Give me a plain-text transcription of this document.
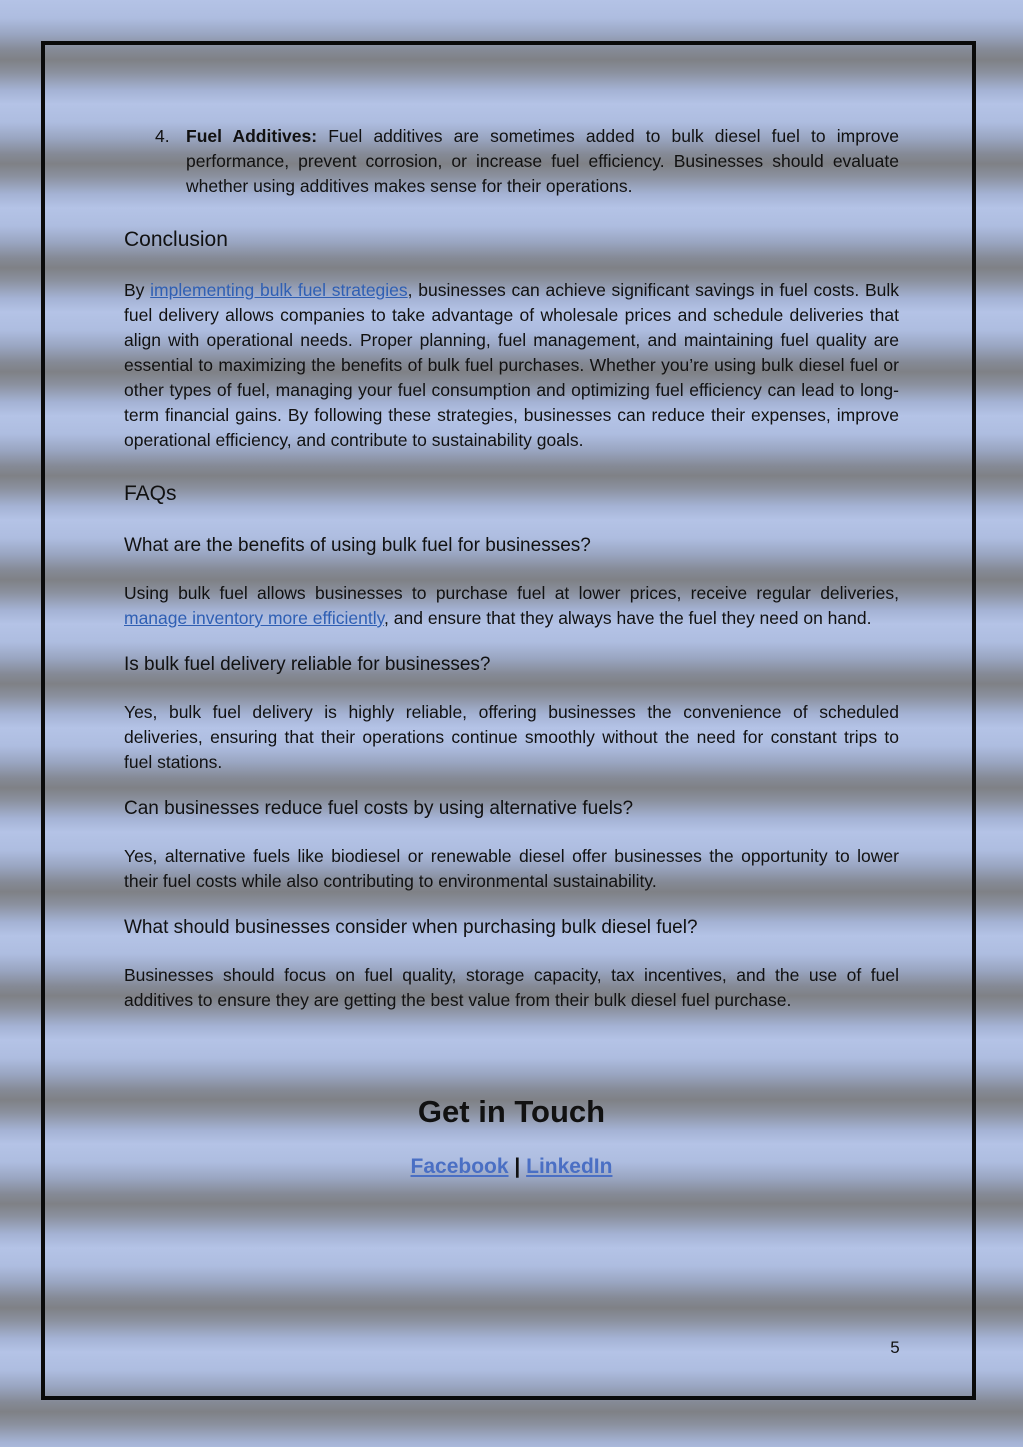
4. Fuel Additives: Fuel additives are sometimes added to bulk diesel fuel to improve performance, prevent corrosion, or increase fuel efficiency. Businesses should evaluate whether using additives makes sense for their operations.
Conclusion

By implementing bulk fuel strategies, businesses can achieve significant savings in fuel costs. Bulk fuel delivery allows companies to take advantage of wholesale prices and schedule deliveries that align with operational needs. Proper planning, fuel management, and maintaining fuel quality are essential to maximizing the benefits of bulk fuel purchases. Whether you’re using bulk diesel fuel or other types of fuel, managing your fuel consumption and optimizing fuel efficiency can lead to long-term financial gains. By following these strategies, businesses can reduce their expenses, improve operational efficiency, and contribute to sustainability goals.

FAQs
What are the benefits of using bulk fuel for businesses?

Using bulk fuel allows businesses to purchase fuel at lower prices, receive regular deliveries, manage inventory more efficiently, and ensure that they always have the fuel they need on hand.

Is bulk fuel delivery reliable for businesses?

Yes, bulk fuel delivery is highly reliable, offering businesses the convenience of scheduled deliveries, ensuring that their operations continue smoothly without the need for constant trips to fuel stations.

Can businesses reduce fuel costs by using alternative fuels?

Yes, alternative fuels like biodiesel or renewable diesel offer businesses the opportunity to lower their fuel costs while also contributing to environmental sustainability.

What should businesses consider when purchasing bulk diesel fuel?

Businesses should focus on fuel quality, storage capacity, tax incentives, and the use of fuel additives to ensure they are getting the best value from their bulk diesel fuel purchase.

Get in Touch
Facebook | LinkedIn
5
